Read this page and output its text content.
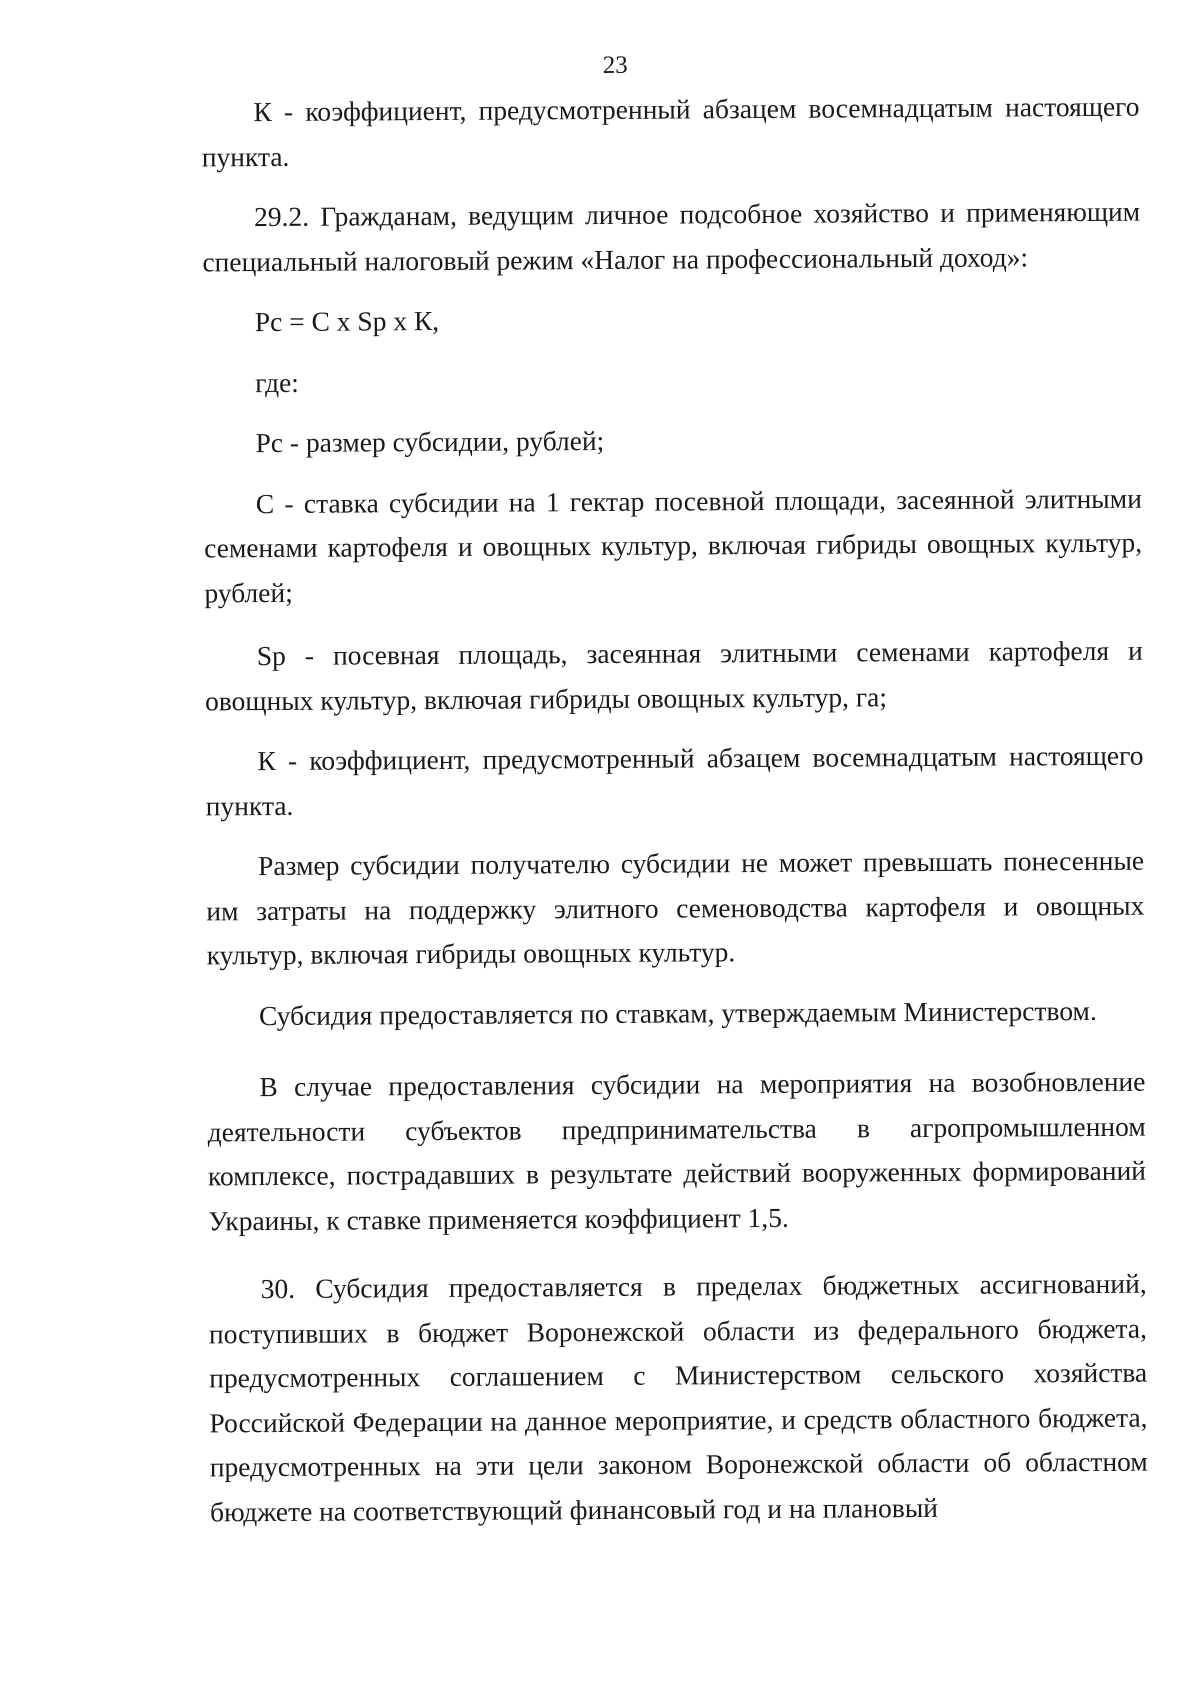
23

К - коэффициент, предусмотренный абзацем восемнадцатым настоящего пункта.

29.2. Гражданам, ведущим личное подсобное хозяйство и применяющим специальный налоговый режим «Налог на профессиональный доход»:

Рс = С x Sp x К,

где:

Рс - размер субсидии, рублей;

С - ставка субсидии на 1 гектар посевной площади, засеянной элитными семенами картофеля и овощных культур, включая гибриды овощных культур, рублей;

Sp - посевная площадь, засеянная элитными семенами картофеля и овощных культур, включая гибриды овощных культур, га;

К - коэффициент, предусмотренный абзацем восемнадцатым настоящего пункта.

Размер субсидии получателю субсидии не может превышать понесенные им затраты на поддержку элитного семеноводства картофеля и овощных культур, включая гибриды овощных культур.

Субсидия предоставляется по ставкам, утверждаемым Министерством.

В случае предоставления субсидии на мероприятия на возобновление деятельности субъектов предпринимательства в агропромышленном комплексе, пострадавших в результате действий вооруженных формирований Украины, к ставке применяется коэффициент 1,5.

30. Субсидия предоставляется в пределах бюджетных ассигнований, поступивших в бюджет Воронежской области из федерального бюджета, предусмотренных соглашением с Министерством сельского хозяйства Российской Федерации на данное мероприятие, и средств областного бюджета, предусмотренных на эти цели законом Воронежской области об областном бюджете на соответствующий финансовый год и на плановый
